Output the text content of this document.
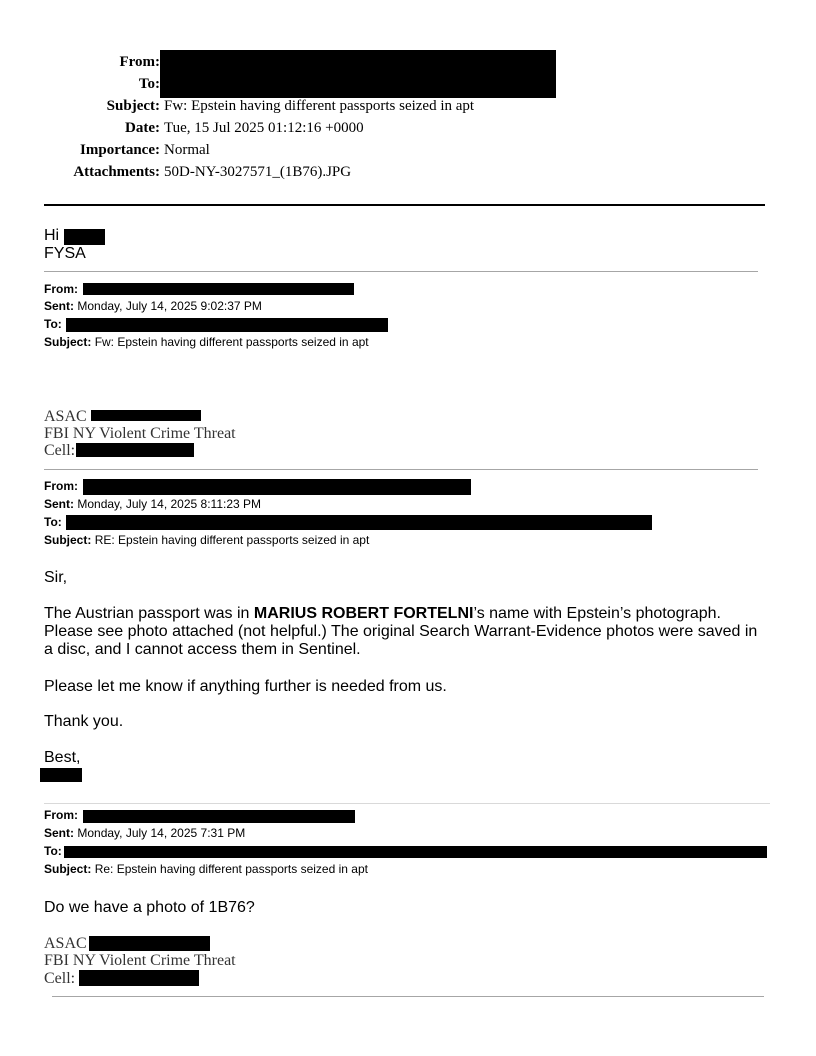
From:
To:
Subject: Fw: Epstein having different passports seized in apt
Date: Tue, 15 Jul 2025 01:12:16 +0000
Importance: Normal
Attachments: 50D-NY-3027571_(1B76).JPG
Hi
FYSA
From:
Sent: Monday, July 14, 2025 9:02:37 PM
To:
Subject: Fw: Epstein having different passports seized in apt
ASAC
FBI NY Violent Crime Threat
Cell:
From:
Sent: Monday, July 14, 2025 8:11:23 PM
To:
Subject: RE: Epstein having different passports seized in apt
Sir,
The Austrian passport was in MARIUS ROBERT FORTELNI’s name with Epstein’s photograph.
Please see photo attached (not helpful.) The original Search Warrant-Evidence photos were saved in
a disc, and I cannot access them in Sentinel.
Please let me know if anything further is needed from us.
Thank you.
Best,
From:
Sent: Monday, July 14, 2025 7:31 PM
To:
Subject: Re: Epstein having different passports seized in apt
Do we have a photo of 1B76?
ASAC
FBI NY Violent Crime Threat
Cell:
